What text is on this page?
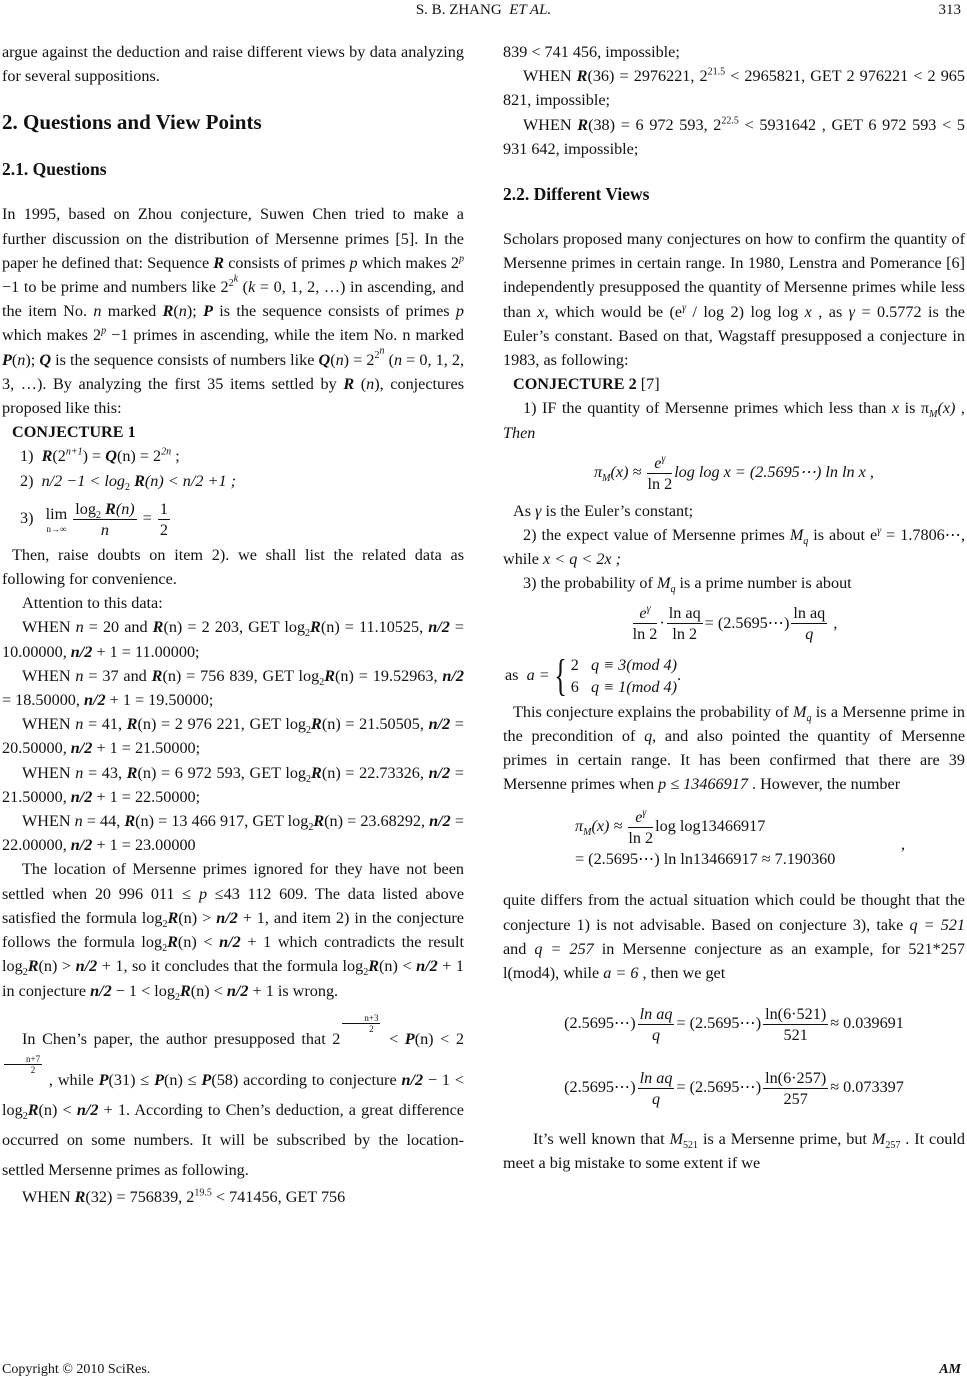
S. B. ZHANG ET AL.	313

argue against the deduction and raise different views by data analyzing for several suppositions.

2. Questions and View Points
2.1. Questions

In 1995, based on Zhou conjecture, Suwen Chen tried to make a further discussion on the distribution of Mersenne primes [5]. In the paper he defined that: Sequence R consists of primes p which makes $2^p -1$ to be prime and numbers like $2^{2^k}$ (k = 0, 1, 2, …) in ascending, and the item No. n marked R(n); P is the sequence consists of primes p which makes $2^p -1$ primes in ascending, while the item No. n marked P(n); Q is the sequence consists of numbers like $Q(n) = 2^{2^n}$ (n = 0, 1, 2, 3, …). By analyzing the first 35 items settled by R (n), conjectures proposed like this:

CONJECTURE 1
1) $R(2^{n+1}) = Q(n) = 2^{2n}$ ;
2) $n/2 -1 < \log_2 R(n) < n/2 +1$ ;
3) lim
n→∞
$\frac{\log_2 R(n)}{n} = \frac{1}{2}$

Then, raise doubts on item 2). we shall list the related data as following for convenience.

Attention to this data:

WHEN n = 20 and R(n) = 2 203, GET $\log_2R(n) = 11.10525$, n/2 = 10.00000, n/2 + 1 = 11.00000;

WHEN n = 37 and R(n) = 756 839, GET $\log_2R(n) = 19.52963$, n/2 = 18.50000, n/2 + 1 = 19.50000;

WHEN n = 41, R(n) = 2 976 221, GET $\log_2R(n) = 21.50505$, n/2 = 20.50000, n/2 + 1 = 21.50000;

WHEN n = 43, R(n) = 6 972 593, GET $\log_2R(n) = 22.73326$, n/2 = 21.50000, n/2 + 1 = 22.50000;

WHEN n = 44, R(n) = 13 466 917, GET $\log_2R(n) = 23.68292$, n/2 = 22.00000, n/2 + 1 = 23.00000

The location of Mersenne primes ignored for they have not been settled when 20 996 011 ≤ p ≤43 112 609. The data listed above satisfied the formula $\log_2R(n) > n/2 + 1$, and item 2) in the conjecture follows the formula $\log_2R(n) < n/2 + 1$ which contradicts the result $\log_2R(n) > n/2 + 1$, so it concludes that the formula $\log_2R(n) < n/2 + 1$ in conjecture $n/2 - 1 < \log_2R(n) < n/2 + 1$ is wrong.

In Chen’s paper, the author presupposed that 2
$^{\frac{n+3}{2}}$
< P(n) < 2
$^{\frac{n+7}{2}}$
, while P(31) ≤ P(n) ≤ P(58) according to conjecture $n/2 - 1 < \log_2R(n) < n/2 + 1$. According to Chen’s deduction, a great difference occurred on some numbers. It will be subscribed by the location-settled Mersenne primes as following.

WHEN R(32) = 756839, $2^{19.5} < 741456$, GET 756

839 < 741 456, impossible;

WHEN R(36) = 2976221, $2^{21.5} < 2965821$, GET 2 976221 < 2 965 821, impossible;

WHEN R(38) = 6 972 593, $2^{22.5} < 5931642$ , GET 6 972 593 < 5 931 642, impossible;

2.2. Different Views

Scholars proposed many conjectures on how to confirm the quantity of Mersenne primes in certain range. In 1980, Lenstra and Pomerance [6] independently presupposed the quantity of Mersenne primes while less than x, which would be ($e^\gamma$ / log 2) log log x , as γ = 0.5772 is the Euler’s constant. Based on that, Wagstaff presupposed a conjecture in 1983, as following:

CONJECTURE 2 [7]

1) IF the quantity of Mersenne primes which less than x is $\pi_M(x)$ , Then

$\pi_M(x) \approx \frac{e^\gamma}{\ln 2}$ log log x = (2.5695⋯) ln ln x ,

As γ is the Euler’s constant;

2) the expect value of Mersenne primes $M_q$ is about $e^\gamma$ = 1.7806⋯, while x < q < 2x ;

3) the probability of $M_q$ is a prime number is about

$\frac{e^\gamma}{\ln 2} \cdot \frac{\text{ln aq}}{\ln 2}$ = (2.5695⋯) $\frac{\text{ln aq}}{q}$ ,
as  a ={ 2 q ≡ 3(mod 4)
6 q ≡ 1(mod 4)
.

This conjecture explains the probability of $M_q$ is a Mersenne prime in the precondition of q, and also pointed the quantity of Mersenne primes in certain range. It has been confirmed that there are 39 Mersenne primes when p ≤ 13466917 . However, the number

$\pi_M(x) \approx \frac{e^\gamma}{\ln 2}$ log log13466917
= (2.5695⋯) ln ln13466917 ≈ 7.190360
,

quite differs from the actual situation which could be thought that the conjecture 1) is not advisable. Based on conjecture 3), take q = 521 and q = 257 in Mersenne conjecture as an example, for 521*257 l(mod4), while a = 6 , then we get

(2.5695⋯) $\frac{\text{ln aq}}{q}$ = (2.5695⋯) $\frac{\ln(6\cdot 521)}{521} \approx 0.039691$
(2.5695⋯) $\frac{\text{ln aq}}{q}$ = (2.5695⋯) $\frac{\ln(6\cdot 257)}{257} \approx 0.073397$

It’s well known that $M_{521}$ is a Mersenne prime, but $M_{257}$ . It could meet a big mistake to some extent if we

Copyright © 2010 SciRes.	AM
